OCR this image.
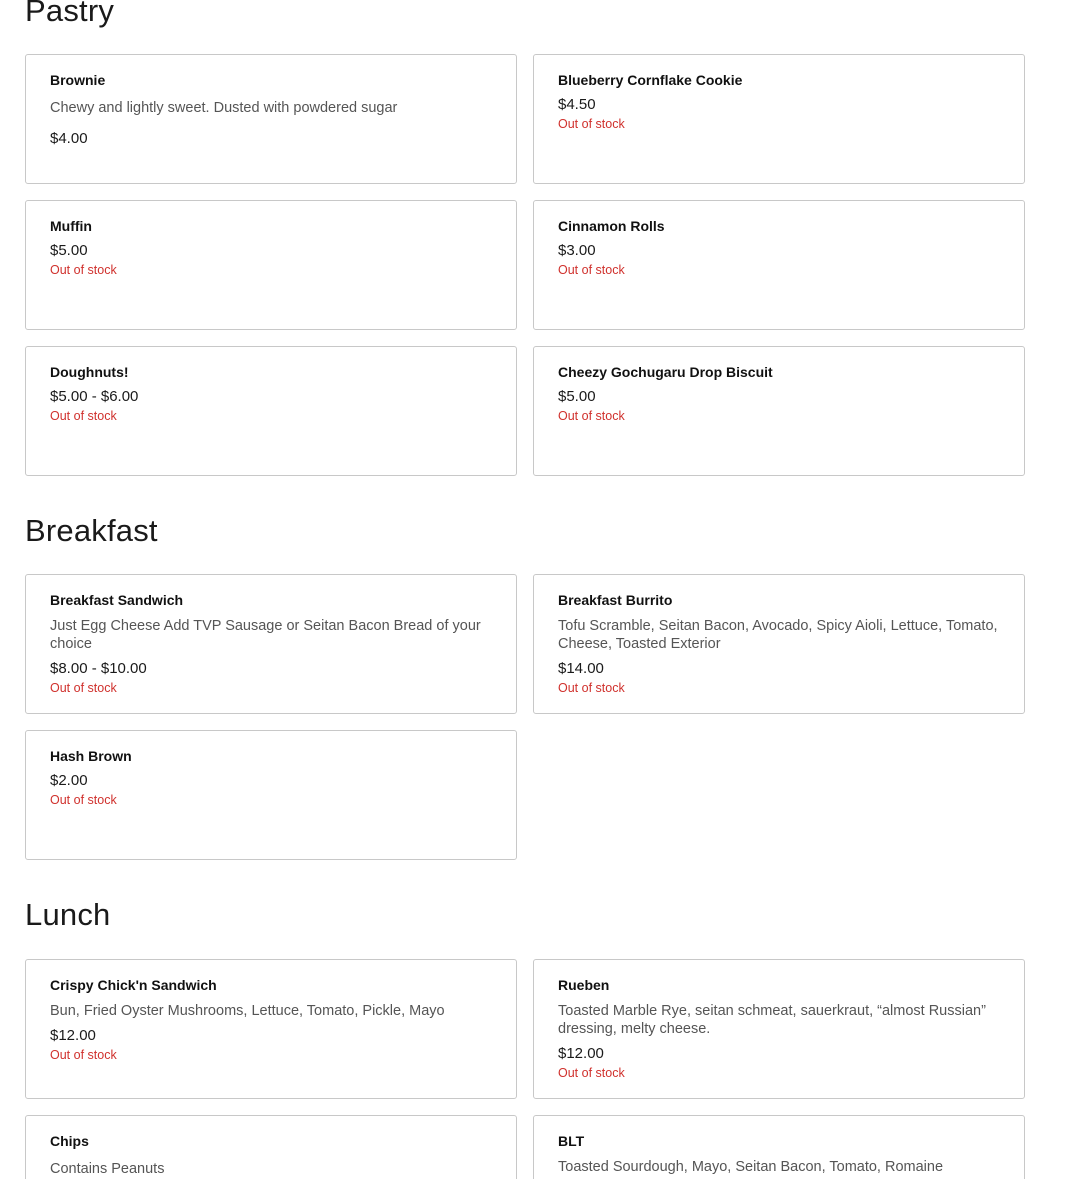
Pastry
Brownie
Chewy and lightly sweet. Dusted with powdered sugar
$4.00
Blueberry Cornflake Cookie
$4.50
Out of stock
Muffin
$5.00
Out of stock
Cinnamon Rolls
$3.00
Out of stock
Doughnuts!
$5.00 - $6.00
Out of stock
Cheezy Gochugaru Drop Biscuit
$5.00
Out of stock
Breakfast
Breakfast Sandwich
Just Egg Cheese Add TVP Sausage or Seitan Bacon Bread of your choice
$8.00 - $10.00
Out of stock
Breakfast Burrito
Tofu Scramble, Seitan Bacon, Avocado, Spicy Aioli, Lettuce, Tomato, Cheese, Toasted Exterior
$14.00
Out of stock
Hash Brown
$2.00
Out of stock
Lunch
Crispy Chick'n Sandwich
Bun, Fried Oyster Mushrooms, Lettuce, Tomato, Pickle, Mayo
$12.00
Out of stock
Rueben
Toasted Marble Rye, seitan schmeat, sauerkraut, “almost Russian” dressing, melty cheese.
$12.00
Out of stock
Chips
Contains Peanuts
BLT
Toasted Sourdough, Mayo, Seitan Bacon, Tomato, Romaine
